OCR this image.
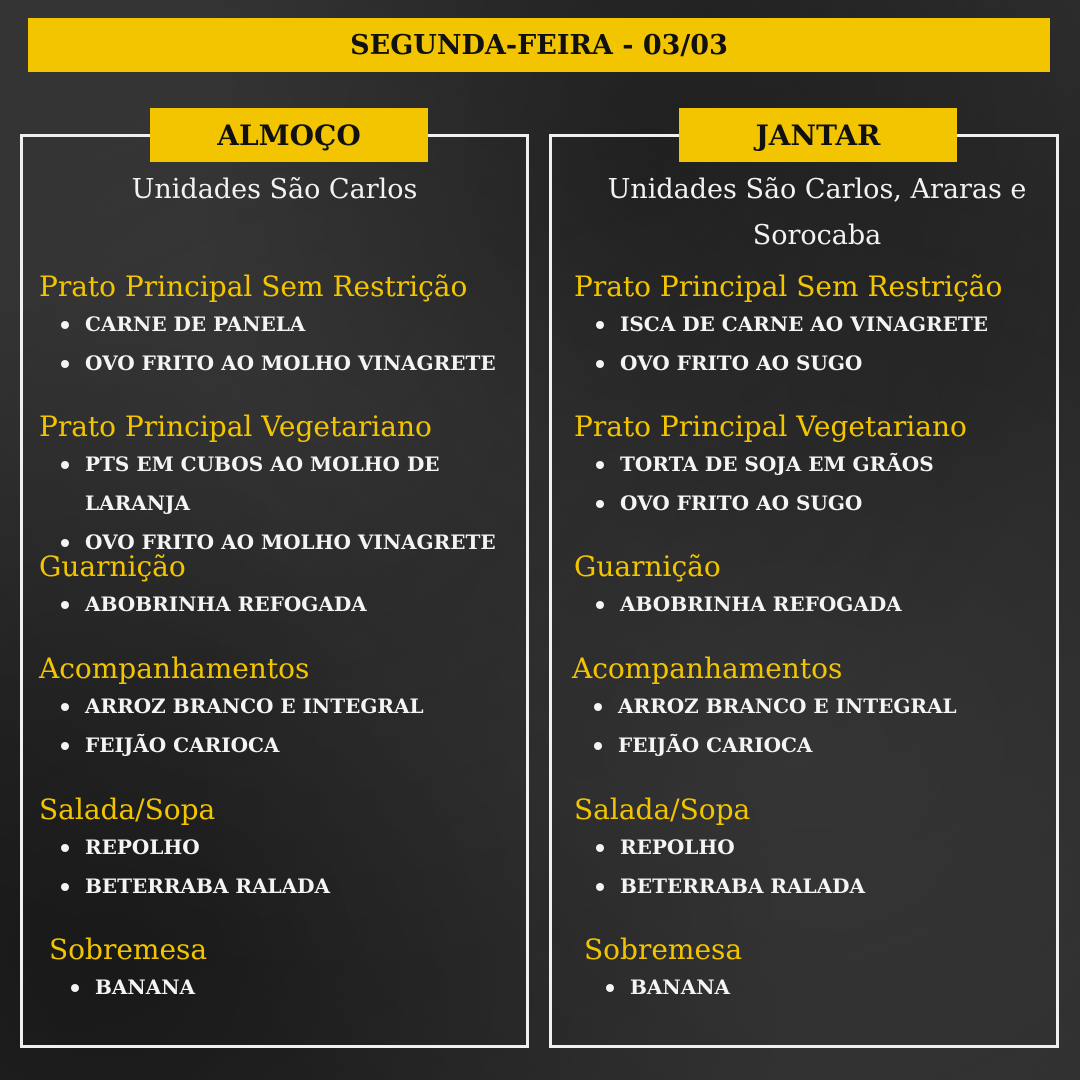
SEGUNDA-FEIRA - 03/03
ALMOÇO
Unidades São Carlos
Prato Principal Sem Restrição
CARNE DE PANELA
OVO FRITO AO MOLHO VINAGRETE
Prato Principal Vegetariano
PTS EM CUBOS AO MOLHO DE LARANJA
OVO FRITO AO MOLHO VINAGRETE
Guarnição
ABOBRINHA REFOGADA
Acompanhamentos
ARROZ BRANCO E INTEGRAL
FEIJÃO CARIOCA
Salada/Sopa
REPOLHO
BETERRABA RALADA
Sobremesa
BANANA
JANTAR
Unidades São Carlos, Araras e Sorocaba
Prato Principal Sem Restrição
ISCA DE CARNE AO VINAGRETE
OVO FRITO AO SUGO
Prato Principal Vegetariano
TORTA DE SOJA EM GRÃOS
OVO FRITO AO SUGO
Guarnição
ABOBRINHA REFOGADA
Acompanhamentos
ARROZ BRANCO E INTEGRAL
FEIJÃO CARIOCA
Salada/Sopa
REPOLHO
BETERRABA RALADA
Sobremesa
BANANA
